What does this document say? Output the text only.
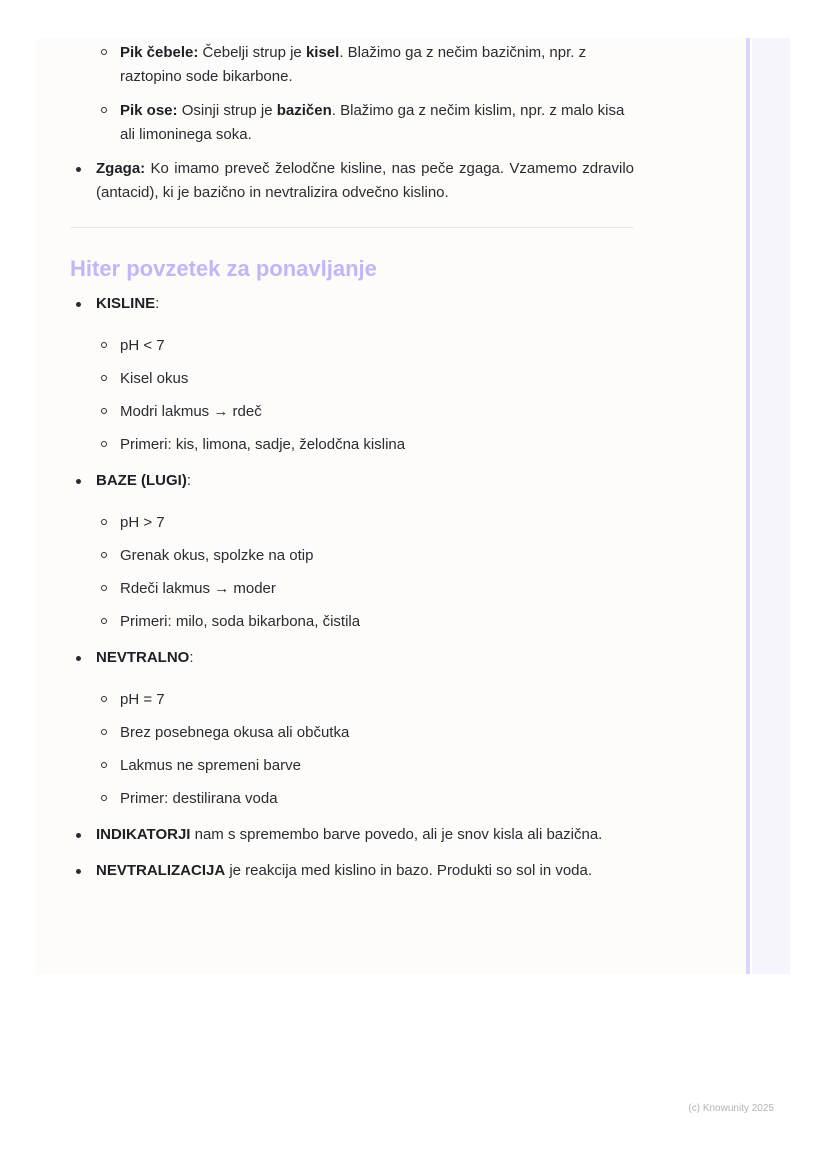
Pik čebele: Čebelji strup je kisel. Blažimo ga z nečim bazičnim, npr. z raztopino sode bikarbone.
Pik ose: Osinji strup je baziče​n. Blažimo ga z nečim kislim, npr. z malo kisa ali limoninega soka.
Zgaga: Ko imamo preveč želodčne kisline, nas peče zgaga. Vzamemo zdravilo (antacid), ki je bazično in nevtralizira odvečno kislino.
Hiter povzetek za ponavljanje
KISLINE:
pH < 7
Kisel okus
Modri lakmus → rdeč
Primeri: kis, limona, sadje, želodčna kislina
BAZE (LUGI):
pH > 7
Grenak okus, spolzke na otip
Rdeči lakmus → moder
Primeri: milo, soda bikarbona, čistila
NEVTRALNO:
pH = 7
Brez posebnega okusa ali občutka
Lakmus ne spremeni barve
Primer: destilirana voda
INDIKATORJI nam s spremembo barve povedo, ali je snov kisla ali bazična.
NEVTRALIZACIJA je reakcija med kislino in bazo. Produkti so sol in voda.
(c) Knowunity 2025
